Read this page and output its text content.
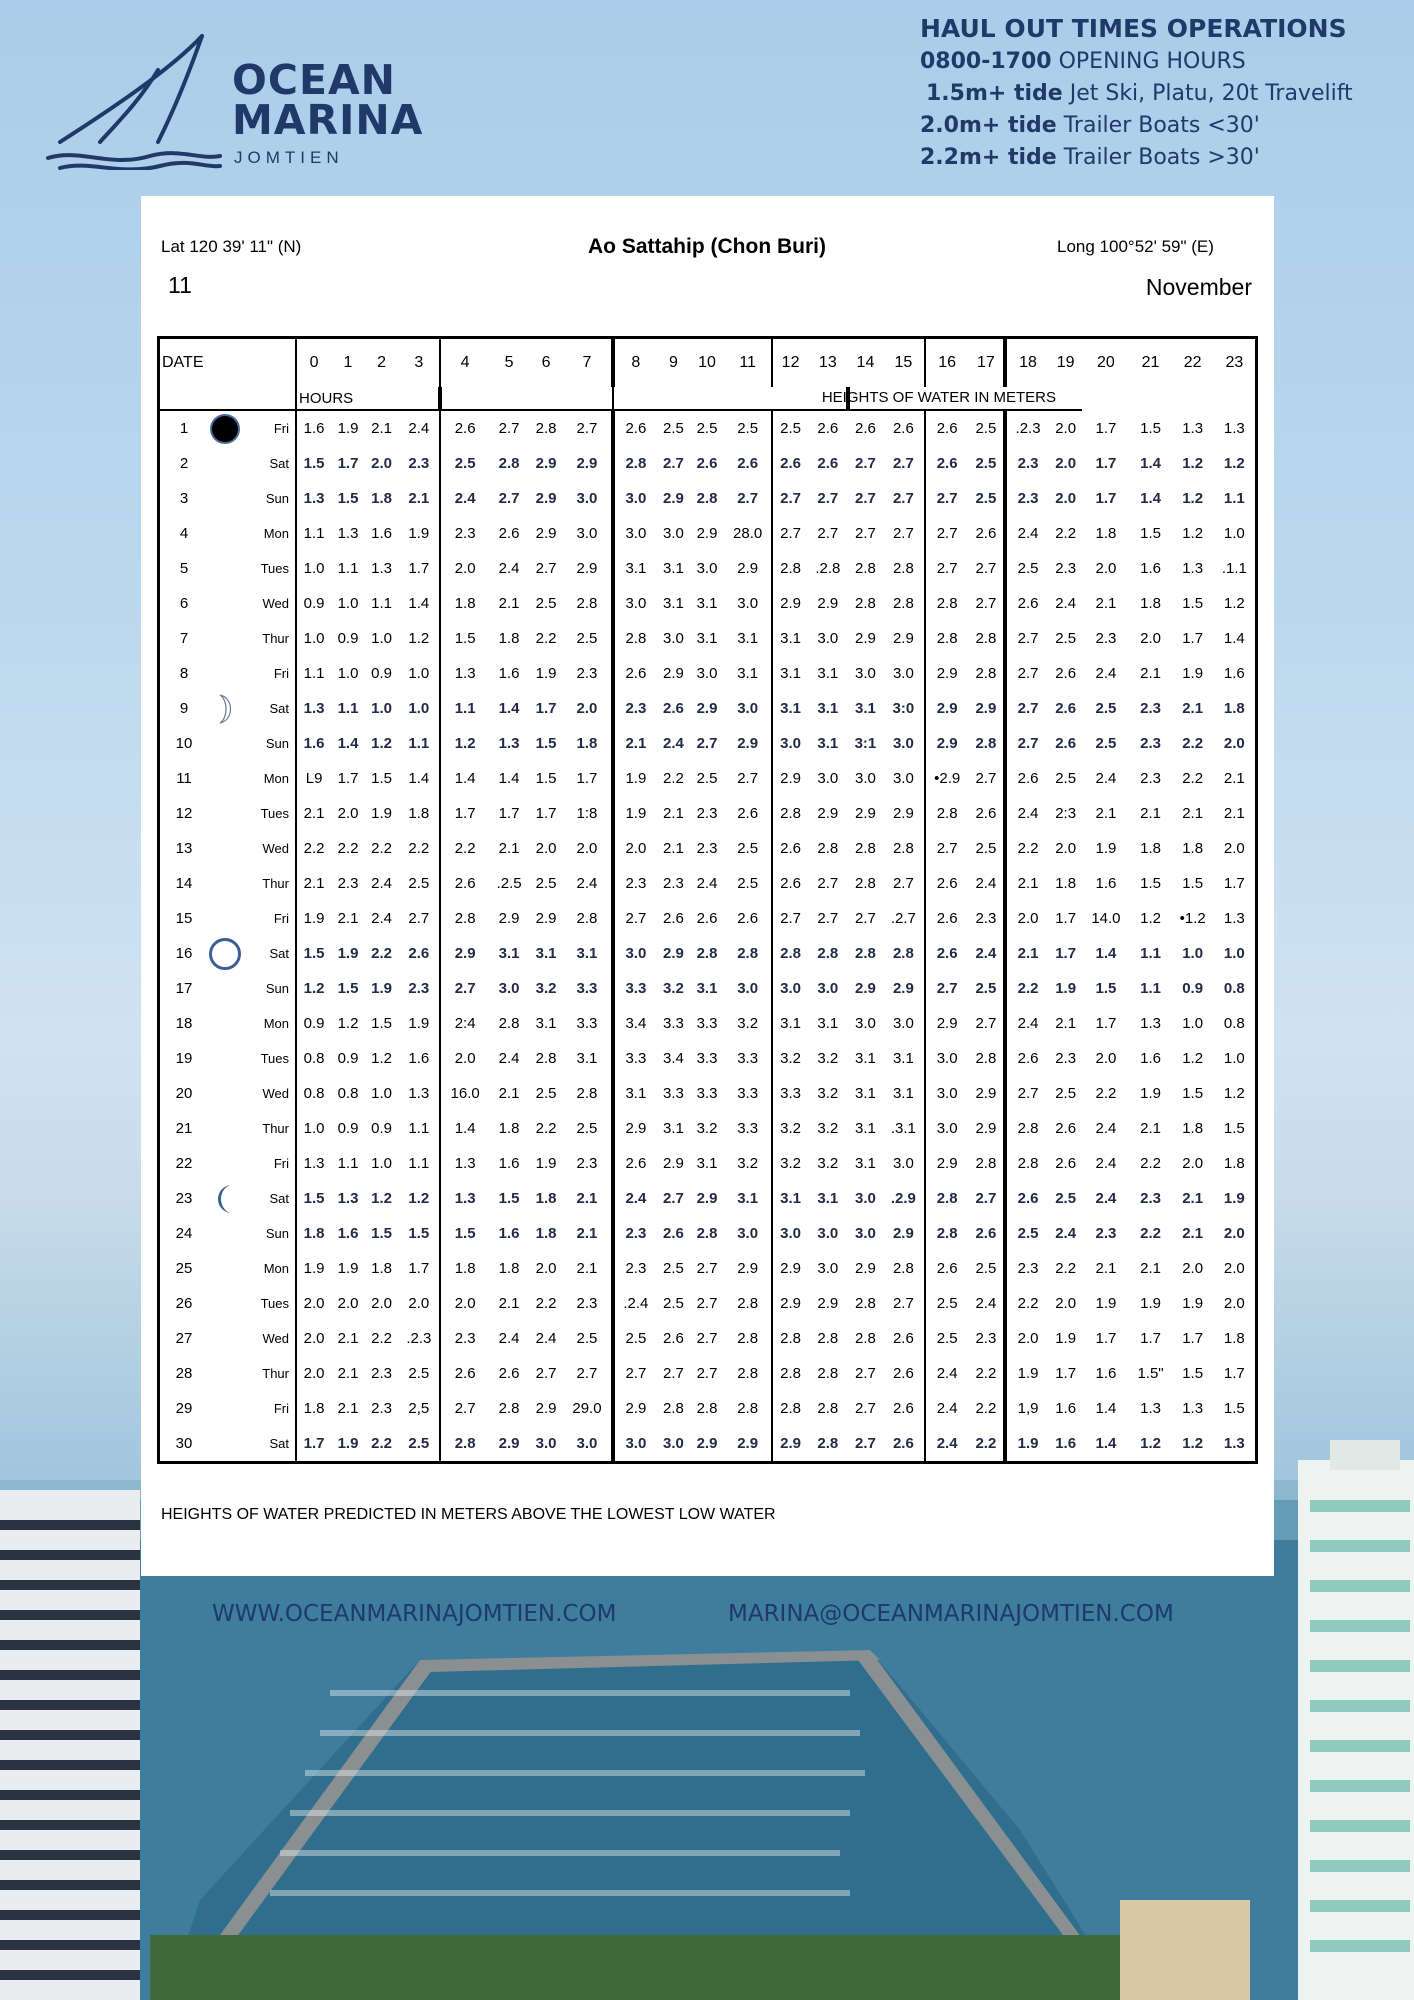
OCEAN
MARINA
JOMTIEN
HAUL OUT TIMES OPERATIONS
0800-1700 OPENING HOURS
1.5m+ tide Jet Ski, Platu, 20t Travelift
2.0m+ tide Trailer Boats <30'
2.2m+ tide Trailer Boats >30'
Lat 120 39' 11" (N)	Ao Sattahip (Chon Buri)	Long 100°52' 59" (E)
11	November
DATE			0	1	2	3	4	5	6	7	8	9	10	11	12	13	14	15	16	17	18	19	20	21	22	23
			HOURS								HEIGHTS OF WATER IN METERS															

1		Fri	1.6	1.9	2.1	2.4	2.6	2.7	2.8	2.7	2.6	2.5	2.5	2.5	2.5	2.6	2.6	2.6	2.6	2.5	.2.3	2.0	1.7	1.5	1.3	1.3
2		Sat	1.5	1.7	2.0	2.3	2.5	2.8	2.9	2.9	2.8	2.7	2.6	2.6	2.6	2.6	2.7	2.7	2.6	2.5	2.3	2.0	1.7	1.4	1.2	1.2
3		Sun	1.3	1.5	1.8	2.1	2.4	2.7	2.9	3.0	3.0	2.9	2.8	2.7	2.7	2.7	2.7	2.7	2.7	2.5	2.3	2.0	1.7	1.4	1.2	1.1
4		Mon	1.1	1.3	1.6	1.9	2.3	2.6	2.9	3.0	3.0	3.0	2.9	28.0	2.7	2.7	2.7	2.7	2.7	2.6	2.4	2.2	1.8	1.5	1.2	1.0
5		Tues	1.0	1.1	1.3	1.7	2.0	2.4	2.7	2.9	3.1	3.1	3.0	2.9	2.8	.2.8	2.8	2.8	2.7	2.7	2.5	2.3	2.0	1.6	1.3	.1.1
6		Wed	0.9	1.0	1.1	1.4	1.8	2.1	2.5	2.8	3.0	3.1	3.1	3.0	2.9	2.9	2.8	2.8	2.8	2.7	2.6	2.4	2.1	1.8	1.5	1.2
7		Thur	1.0	0.9	1.0	1.2	1.5	1.8	2.2	2.5	2.8	3.0	3.1	3.1	3.1	3.0	2.9	2.9	2.8	2.8	2.7	2.5	2.3	2.0	1.7	1.4
8		Fri	1.1	1.0	0.9	1.0	1.3	1.6	1.9	2.3	2.6	2.9	3.0	3.1	3.1	3.1	3.0	3.0	2.9	2.8	2.7	2.6	2.4	2.1	1.9	1.6
9		Sat	1.3	1.1	1.0	1.0	1.1	1.4	1.7	2.0	2.3	2.6	2.9	3.0	3.1	3.1	3.1	3:0	2.9	2.9	2.7	2.6	2.5	2.3	2.1	1.8
10		Sun	1.6	1.4	1.2	1.1	1.2	1.3	1.5	1.8	2.1	2.4	2.7	2.9	3.0	3.1	3:1	3.0	2.9	2.8	2.7	2.6	2.5	2.3	2.2	2.0
11		Mon	L9	1.7	1.5	1.4	1.4	1.4	1.5	1.7	1.9	2.2	2.5	2.7	2.9	3.0	3.0	3.0	•2.9	2.7	2.6	2.5	2.4	2.3	2.2	2.1
12		Tues	2.1	2.0	1.9	1.8	1.7	1.7	1.7	1:8	1.9	2.1	2.3	2.6	2.8	2.9	2.9	2.9	2.8	2.6	2.4	2:3	2.1	2.1	2.1	2.1
13		Wed	2.2	2.2	2.2	2.2	2.2	2.1	2.0	2.0	2.0	2.1	2.3	2.5	2.6	2.8	2.8	2.8	2.7	2.5	2.2	2.0	1.9	1.8	1.8	2.0
14		Thur	2.1	2.3	2.4	2.5	2.6	.2.5	2.5	2.4	2.3	2.3	2.4	2.5	2.6	2.7	2.8	2.7	2.6	2.4	2.1	1.8	1.6	1.5	1.5	1.7
15		Fri	1.9	2.1	2.4	2.7	2.8	2.9	2.9	2.8	2.7	2.6	2.6	2.6	2.7	2.7	2.7	.2.7	2.6	2.3	2.0	1.7	14.0	1.2	•1.2	1.3
16		Sat	1.5	1.9	2.2	2.6	2.9	3.1	3.1	3.1	3.0	2.9	2.8	2.8	2.8	2.8	2.8	2.8	2.6	2.4	2.1	1.7	1.4	1.1	1.0	1.0
17		Sun	1.2	1.5	1.9	2.3	2.7	3.0	3.2	3.3	3.3	3.2	3.1	3.0	3.0	3.0	2.9	2.9	2.7	2.5	2.2	1.9	1.5	1.1	0.9	0.8
18		Mon	0.9	1.2	1.5	1.9	2:4	2.8	3.1	3.3	3.4	3.3	3.3	3.2	3.1	3.1	3.0	3.0	2.9	2.7	2.4	2.1	1.7	1.3	1.0	0.8
19		Tues	0.8	0.9	1.2	1.6	2.0	2.4	2.8	3.1	3.3	3.4	3.3	3.3	3.2	3.2	3.1	3.1	3.0	2.8	2.6	2.3	2.0	1.6	1.2	1.0
20		Wed	0.8	0.8	1.0	1.3	16.0	2.1	2.5	2.8	3.1	3.3	3.3	3.3	3.3	3.2	3.1	3.1	3.0	2.9	2.7	2.5	2.2	1.9	1.5	1.2
21		Thur	1.0	0.9	0.9	1.1	1.4	1.8	2.2	2.5	2.9	3.1	3.2	3.3	3.2	3.2	3.1	.3.1	3.0	2.9	2.8	2.6	2.4	2.1	1.8	1.5
22		Fri	1.3	1.1	1.0	1.1	1.3	1.6	1.9	2.3	2.6	2.9	3.1	3.2	3.2	3.2	3.1	3.0	2.9	2.8	2.8	2.6	2.4	2.2	2.0	1.8
23		Sat	1.5	1.3	1.2	1.2	1.3	1.5	1.8	2.1	2.4	2.7	2.9	3.1	3.1	3.1	3.0	.2.9	2.8	2.7	2.6	2.5	2.4	2.3	2.1	1.9
24		Sun	1.8	1.6	1.5	1.5	1.5	1.6	1.8	2.1	2.3	2.6	2.8	3.0	3.0	3.0	3.0	2.9	2.8	2.6	2.5	2.4	2.3	2.2	2.1	2.0
25		Mon	1.9	1.9	1.8	1.7	1.8	1.8	2.0	2.1	2.3	2.5	2.7	2.9	2.9	3.0	2.9	2.8	2.6	2.5	2.3	2.2	2.1	2.1	2.0	2.0
26		Tues	2.0	2.0	2.0	2.0	2.0	2.1	2.2	2.3	.2.4	2.5	2.7	2.8	2.9	2.9	2.8	2.7	2.5	2.4	2.2	2.0	1.9	1.9	1.9	2.0
27		Wed	2.0	2.1	2.2	.2.3	2.3	2.4	2.4	2.5	2.5	2.6	2.7	2.8	2.8	2.8	2.8	2.6	2.5	2.3	2.0	1.9	1.7	1.7	1.7	1.8
28		Thur	2.0	2.1	2.3	2.5	2.6	2.6	2.7	2.7	2.7	2.7	2.7	2.8	2.8	2.8	2.7	2.6	2.4	2.2	1.9	1.7	1.6	1.5"	1.5	1.7
29		Fri	1.8	2.1	2.3	2,5	2.7	2.8	2.9	29.0	2.9	2.8	2.8	2.8	2.8	2.8	2.7	2.6	2.4	2.2	1,9	1.6	1.4	1.3	1.3	1.5
30		Sat	1.7	1.9	2.2	2.5	2.8	2.9	3.0	3.0	3.0	3.0	2.9	2.9	2.9	2.8	2.7	2.6	2.4	2.2	1.9	1.6	1.4	1.2	1.2	1.3
HEIGHTS OF WATER PREDICTED IN METERS ABOVE THE LOWEST LOW WATER
WWW.OCEANMARINAJOMTIEN.COM	MARINA@OCEANMARINAJOMTIEN.COM
